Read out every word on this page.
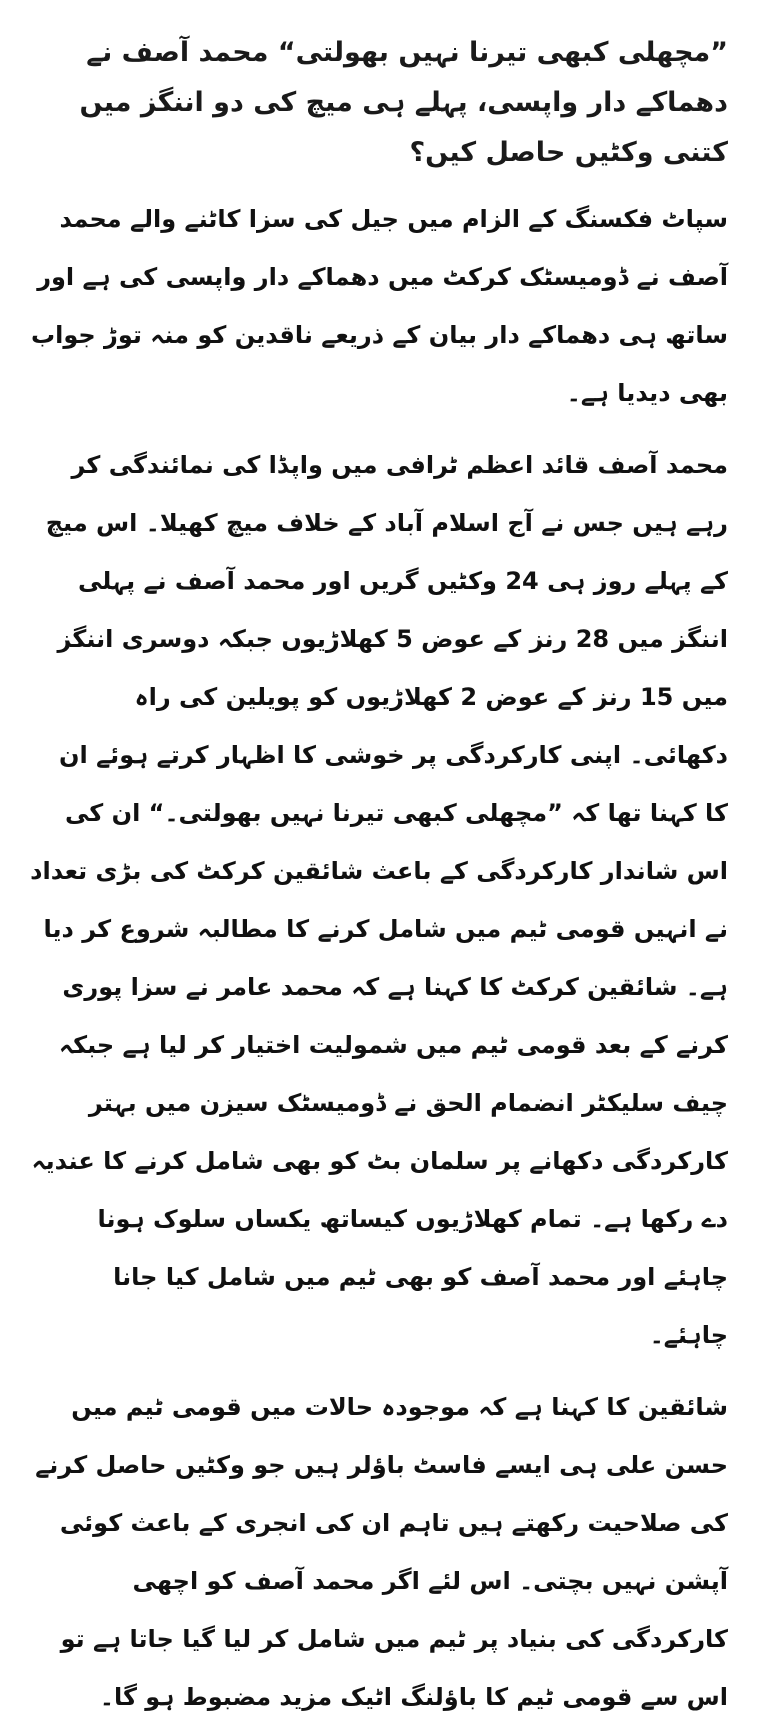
”مچھلی کبھی تیرنا نہیں بھولتی“ محمد آصف نے دھماکے دار واپسی، پہلے ہی میچ کی دو اننگز میں کتنی وکٹیں حاصل کیں؟

سپاٹ فکسنگ کے الزام میں جیل کی سزا کاٹنے والے محمد آصف نے ڈومیسٹک کرکٹ میں دھماکے دار واپسی کی ہے اور ساتھ ہی دھماکے دار بیان کے ذریعے ناقدین کو منہ توڑ جواب بھی دیدیا ہے۔

محمد آصف قائد اعظم ٹرافی میں واپڈا کی نمائندگی کر رہے ہیں جس نے آج اسلام آباد کے خلاف میچ کھیلا۔ اس میچ کے پہلے روز ہی 24 وکٹیں گریں اور محمد آصف نے پہلی اننگز میں 28 رنز کے عوض 5 کھلاڑیوں جبکہ دوسری اننگز میں 15 رنز کے عوض 2 کھلاڑیوں کو پویلین کی راہ دکھائی۔ اپنی کارکردگی پر خوشی کا اظہار کرتے ہوئے ان کا کہنا تھا کہ ”مچھلی کبھی تیرنا نہیں بھولتی۔“ ان کی اس شاندار کارکردگی کے باعث شائقین کرکٹ کی بڑی تعداد نے انہیں قومی ٹیم میں شامل کرنے کا مطالبہ شروع کر دیا ہے۔ شائقین کرکٹ کا کہنا ہے کہ محمد عامر نے سزا پوری کرنے کے بعد قومی ٹیم میں شمولیت اختیار کر لیا ہے جبکہ چیف سلیکٹر انضمام الحق نے ڈومیسٹک سیزن میں بہتر کارکردگی دکھانے پر سلمان بٹ کو بھی شامل کرنے کا عندیہ دے رکھا ہے۔ تمام کھلاڑیوں کیساتھ یکساں سلوک ہونا چاہئے اور محمد آصف کو بھی ٹیم میں شامل کیا جانا چاہئے۔

شائقین کا کہنا ہے کہ موجودہ حالات میں قومی ٹیم میں حسن علی ہی ایسے فاسٹ باؤلر ہیں جو وکٹیں حاصل کرنے کی صلاحیت رکھتے ہیں تاہم ان کی انجری کے باعث کوئی آپشن نہیں بچتی۔ اس لئے اگر محمد آصف کو اچھی کارکردگی کی بنیاد پر ٹیم میں شامل کر لیا گیا جاتا ہے تو اس سے قومی ٹیم کا باؤلنگ اٹیک مزید مضبوط ہو گا۔
